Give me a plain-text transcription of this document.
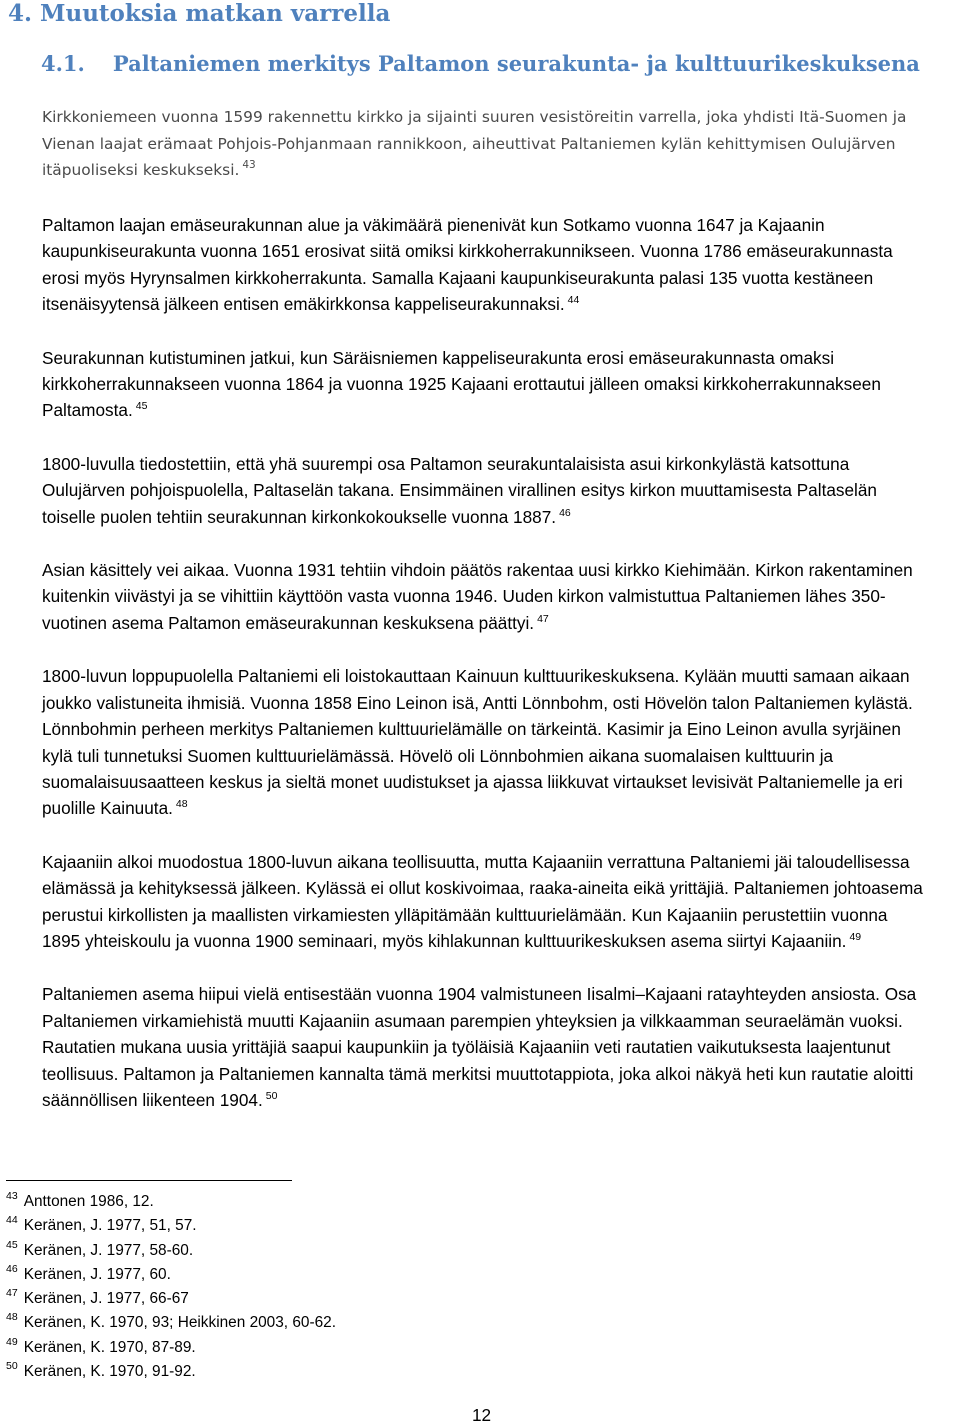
4. Muutoksia matkan varrella
4.1. Paltaniemen merkitys Paltamon seurakunta- ja kulttuurikeskuksena

Kirkkoniemeen vuonna 1599 rakennettu kirkko ja sijainti suuren vesistöreitin varrella, joka yhdisti Itä-Suomen ja Vienan laajat erämaat Pohjois-Pohjanmaan rannikkoon, aiheuttivat Paltaniemen kylän kehittymisen Oulujärven itäpuoliseksi keskukseksi. $^{43}$

Paltamon laajan emäseurakunnan alue ja väkimäärä pienenivät kun Sotkamo vuonna 1647 ja Kajaanin kaupunkiseurakunta vuonna 1651 erosivat siitä omiksi kirkkoherrakunnikseen. Vuonna 1786 emäseurakunnasta erosi myös Hyrynsalmen kirkkoherrakunta. Samalla Kajaani kaupunkiseurakunta palasi 135 vuotta kestäneen itsenäisyytensä jälkeen entisen emäkirkkonsa kappeliseurakunnaksi. $^{44}$

Seurakunnan kutistuminen jatkui, kun Säräisniemen kappeliseurakunta erosi emäseurakunnasta omaksi kirkkoherrakunnakseen vuonna 1864 ja vuonna 1925 Kajaani erottautui jälleen omaksi kirkkoherrakunnakseen Paltamosta. $^{45}$

1800-luvulla tiedostettiin, että yhä suurempi osa Paltamon seurakuntalaisista asui kirkonkylästä katsottuna Oulujärven pohjoispuolella, Paltaselän takana. Ensimmäinen virallinen esitys kirkon muuttamisesta Paltaselän toiselle puolen tehtiin seurakunnan kirkonkokoukselle vuonna 1887. $^{46}$

Asian käsittely vei aikaa. Vuonna 1931 tehtiin vihdoin päätös rakentaa uusi kirkko Kiehimään. Kirkon rakentaminen kuitenkin viivästyi ja se vihittiin käyttöön vasta vuonna 1946. Uuden kirkon valmistuttua Paltaniemen lähes 350-vuotinen asema Paltamon emäseurakunnan keskuksena päättyi. $^{47}$

1800-luvun loppupuolella Paltaniemi eli loistokauttaan Kainuun kulttuurikeskuksena. Kylään muutti samaan aikaan joukko valistuneita ihmisiä. Vuonna 1858 Eino Leinon isä, Antti Lönnbohm, osti Hövelön talon Paltaniemen kylästä. Lönnbohmin perheen merkitys Paltaniemen kulttuurielämälle on tärkeintä. Kasimir ja Eino Leinon avulla syrjäinen kylä tuli tunnetuksi Suomen kulttuurielämässä. Hövelö oli Lönnbohmien aikana suomalaisen kulttuurin ja suomalaisuusaatteen keskus ja sieltä monet uudistukset ja ajassa liikkuvat virtaukset levisivät Paltaniemelle ja eri puolille Kainuuta. $^{48}$

Kajaaniin alkoi muodostua 1800-luvun aikana teollisuutta, mutta Kajaaniin verrattuna Paltaniemi jäi taloudellisessa elämässä ja kehityksessä jälkeen. Kylässä ei ollut koskivoimaa, raaka-aineita eikä yrittäjiä. Paltaniemen johtoasema perustui kirkollisten ja maallisten virkamiesten ylläpitämään kulttuurielämään. Kun Kajaaniin perustettiin vuonna 1895 yhteiskoulu ja vuonna 1900 seminaari, myös kihlakunnan kulttuurikeskuksen asema siirtyi Kajaaniin. $^{49}$

Paltaniemen asema hiipui vielä entisestään vuonna 1904 valmistuneen Iisalmi–Kajaani ratayhteyden ansiosta. Osa Paltaniemen virkamiehistä muutti Kajaaniin asumaan parempien yhteyksien ja vilkkaamman seuraelämän vuoksi. Rautatien mukana uusia yrittäjiä saapui kaupunkiin ja työläisiä Kajaaniin veti rautatien vaikutuksesta laajentunut teollisuus. Paltamon ja Paltaniemen kannalta tämä merkitsi muuttotappiota, joka alkoi näkyä heti kun rautatie aloitti säännöllisen liikenteen 1904. $^{50}$

$^{43}$ Anttonen 1986, 12.
$^{44}$ Keränen, J. 1977, 51, 57.
$^{45}$ Keränen, J. 1977, 58-60.
$^{46}$ Keränen, J. 1977, 60.
$^{47}$ Keränen, J. 1977, 66-67
$^{48}$ Keränen, K. 1970, 93; Heikkinen 2003, 60-62.
$^{49}$ Keränen, K. 1970, 87-89.
$^{50}$ Keränen, K. 1970, 91-92.
12
